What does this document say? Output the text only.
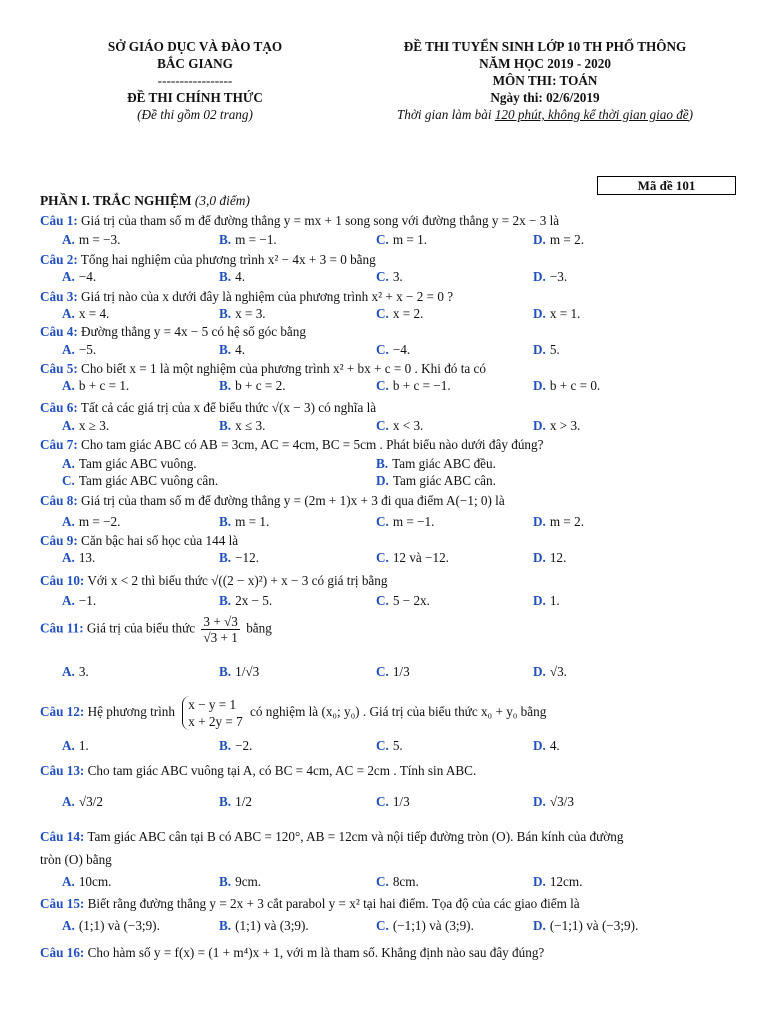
SỞ GIÁO DỤC VÀ ĐÀO TẠO
BẮC GIANG
-----------------
ĐỀ THI CHÍNH THỨC
(Đề thi gồm 02 trang)
ĐỀ THI TUYỂN SINH LỚP 10 TH PHỔ THÔNG
NĂM HỌC 2019 - 2020
MÔN THI: TOÁN
Ngày thi: 02/6/2019
Thời gian làm bài 120 phút, không kể thời gian giao đề)
Mã đề 101
PHẦN I. TRẮC NGHIỆM (3,0 điểm)
Câu 1: Giá trị của tham số m để đường thẳng y = mx + 1 song song với đường thẳng y = 2x − 3 là
A. m = −3.	B. m = −1.	C. m = 1.	D. m = 2.
Câu 2: Tổng hai nghiệm của phương trình x² − 4x + 3 = 0 bằng
A. −4.	B. 4.	C. 3.	D. −3.
Câu 3: Giá trị nào của x dưới đây là nghiệm của phương trình x² + x − 2 = 0 ?
A. x = 4.	B. x = 3.	C. x = 2.	D. x = 1.
Câu 4: Đường thẳng y = 4x − 5 có hệ số góc bằng
A. −5.	B. 4.	C. −4.	D. 5.
Câu 5: Cho biết x = 1 là một nghiệm của phương trình x² + bx + c = 0 . Khi đó ta có
A. b + c = 1.	B. b + c = 2.	C. b + c = −1.	D. b + c = 0.
Câu 6: Tất cả các giá trị của x để biểu thức √(x − 3) có nghĩa là
A. x ≥ 3.	B. x ≤ 3.	C. x < 3.	D. x > 3.
Câu 7: Cho tam giác ABC có AB = 3cm, AC = 4cm, BC = 5cm . Phát biểu nào dưới đây đúng?
A. Tam giác ABC vuông.	B. Tam giác ABC đều.
C. Tam giác ABC vuông cân.	D. Tam giác ABC cân.
Câu 8: Giá trị của tham số m để đường thẳng y = (2m + 1)x + 3 đi qua điểm A(−1; 0) là
A. m = −2.	B. m = 1.	C. m = −1.	D. m = 2.
Câu 9: Căn bậc hai số học của 144 là
A. 13.	B. −12.	C. 12 và −12.	D. 12.
Câu 10: Với x < 2 thì biểu thức √((2 − x)²) + x − 3 có giá trị bằng
A. −1.	B. 2x − 5.	C. 5 − 2x.	D. 1.
Câu 11: Giá trị của biểu thức $\frac{3 + √3}{√3 + 1}$ bằng
A. 3.	B. 1/√3	C. 1/3	D. √3.
Câu 12: Hệ phương trình x − y = 1
x + 2y = 7
có nghiệm là (x₀; y₀) . Giá trị của biểu thức x₀ + y₀ bằng
A. 1.	B. −2.	C. 5.	D. 4.
Câu 13: Cho tam giác ABC vuông tại A, có BC = 4cm, AC = 2cm . Tính sin ABC.
A. √3/2	B. 1/2	C. 1/3	D. √3/3
Câu 14: Tam giác ABC cân tại B có ABC = 120°, AB = 12cm và nội tiếp đường tròn (O). Bán kính của đường
tròn (O) bằng
A. 10cm.	B. 9cm.	C. 8cm.	D. 12cm.
Câu 15: Biết rằng đường thẳng y = 2x + 3 cắt parabol y = x² tại hai điểm. Tọa độ của các giao điểm là
A. (1;1) và (−3;9).	B. (1;1) và (3;9).	C. (−1;1) và (3;9).	D. (−1;1) và (−3;9).
Câu 16: Cho hàm số y = f(x) = (1 + m⁴)x + 1, với m là tham số. Khẳng định nào sau đây đúng?
